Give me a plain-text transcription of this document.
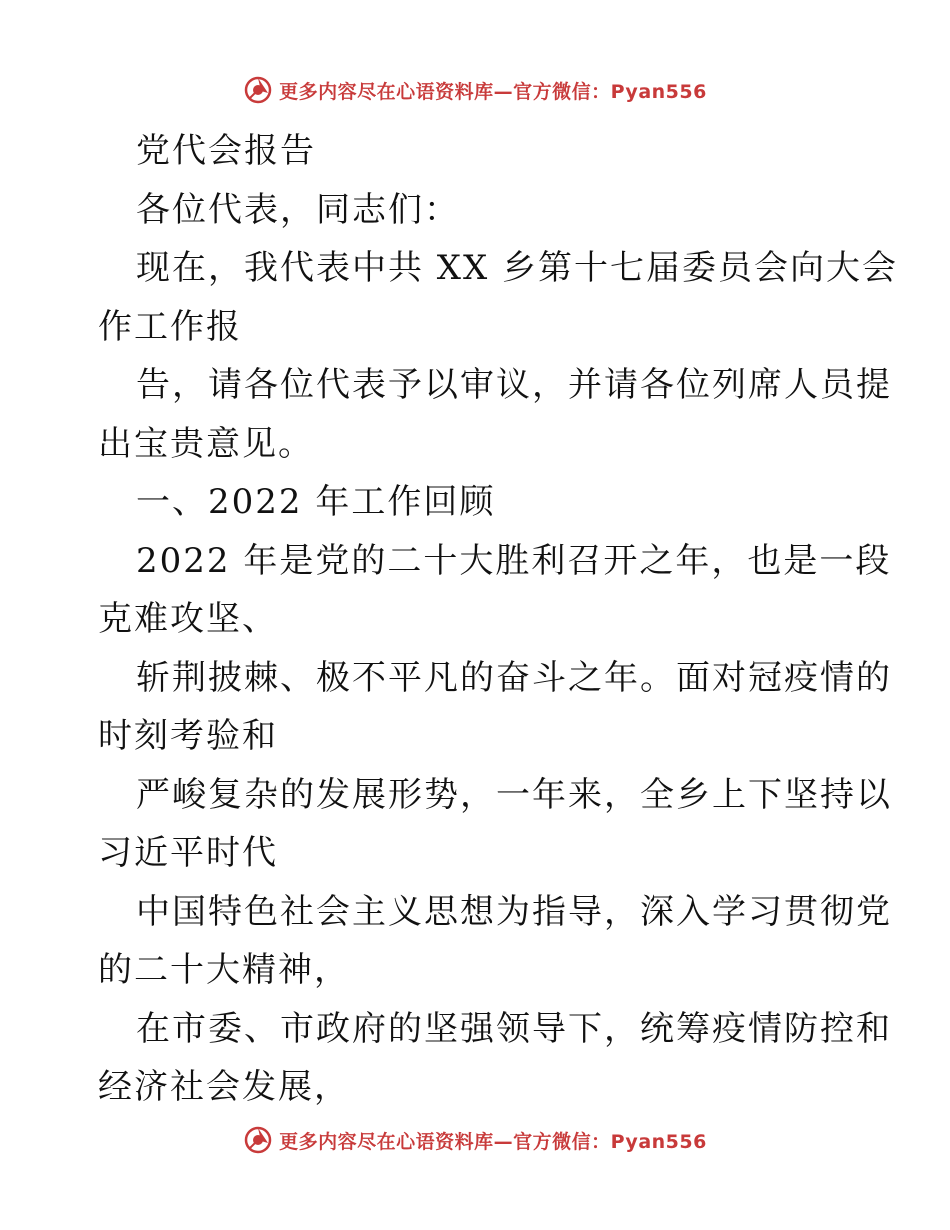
更多内容尽在心语资料库—官方微信：Pyan556
党代会报告
各位代表，同志们：
现在，我代表中共 XX 乡第十七届委员会向大会
作工作报
告，请各位代表予以审议，并请各位列席人员提
出宝贵意见。
一、2022 年工作回顾
2022 年是党的二十大胜利召开之年，也是一段
克难攻坚、
斩荆披棘、极不平凡的奋斗之年。面对冠疫情的
时刻考验和
严峻复杂的发展形势，一年来，全乡上下坚持以
习近平时代
中国特色社会主义思想为指导，深入学习贯彻党
的二十大精神，
在市委、市政府的坚强领导下，统筹疫情防控和
经济社会发展，
更多内容尽在心语资料库—官方微信：Pyan556
